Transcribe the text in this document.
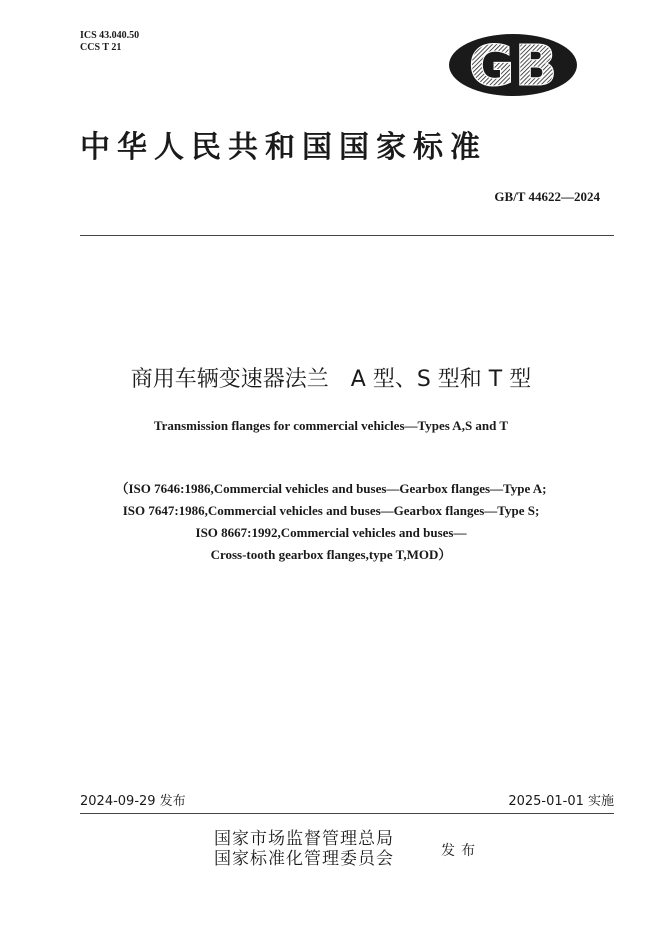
ICS 43.040.50
CCS T 21	GB
中华人民共和国国家标准
GB/T 44622—2024
商用车辆变速器法兰　A 型、S 型和 T 型
Transmission flanges for commercial vehicles—Types A,S and T
（ISO 7646:1986,Commercial vehicles and buses—Gearbox flanges—Type A;
ISO 7647:1986,Commercial vehicles and buses—Gearbox flanges—Type S;
ISO 8667:1992,Commercial vehicles and buses—
Cross-tooth gearbox flanges,type T,MOD）
2024-09-29 发布	2025-01-01 实施
国家市场监督管理总局
国家标准化管理委员会	发布
